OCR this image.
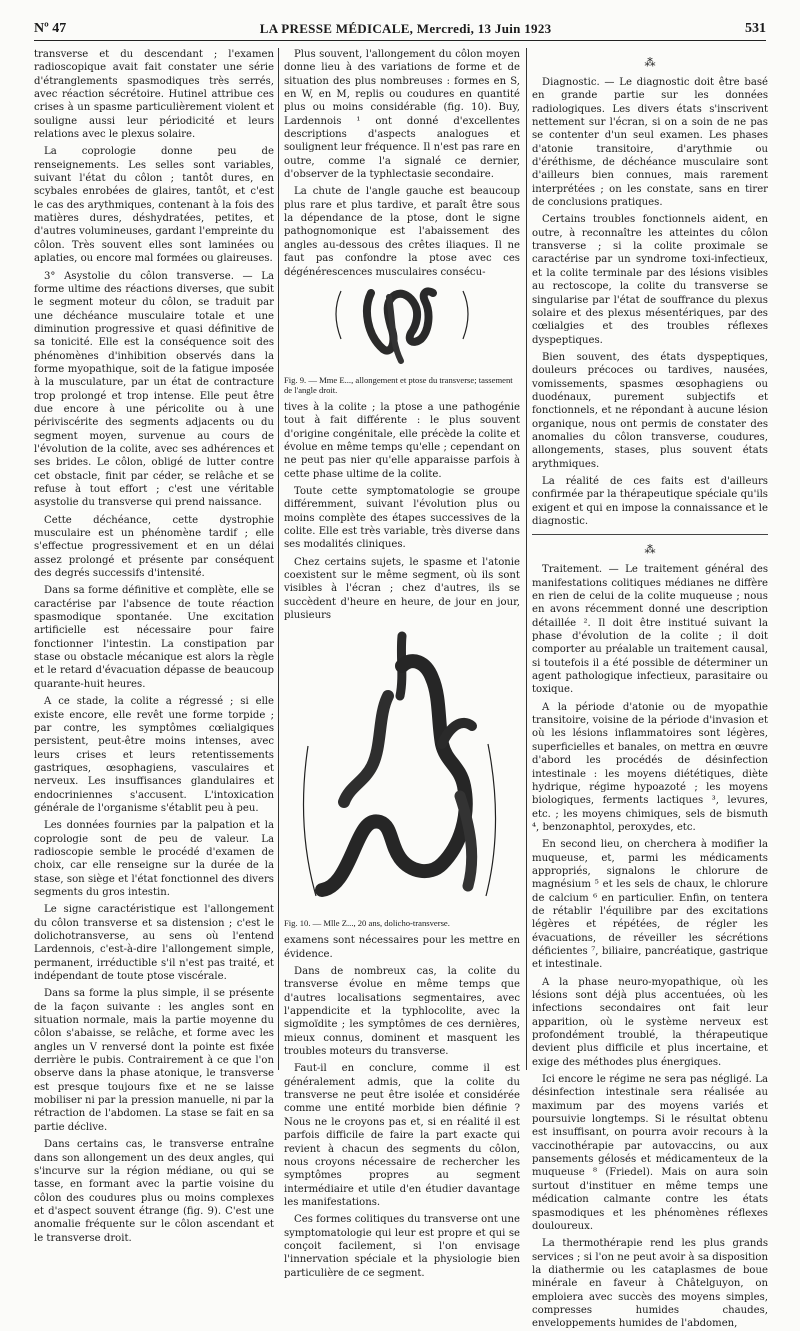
Nº 47	LA PRESSE MÉDICALE, Mercredi, 13 Juin 1923	531

transverse et du descendant ; l'examen radioscopique avait fait constater une série d'étranglements spasmodiques très serrés, avec réaction sécrétoire. Hutinel attribue ces crises à un spasme particulièrement violent et souligne aussi leur périodicité et leurs relations avec le plexus solaire.

La coprologie donne peu de renseignements. Les selles sont variables, suivant l'état du côlon ; tantôt dures, en scybales enrobées de glaires, tantôt, et c'est le cas des arythmiques, contenant à la fois des matières dures, déshydratées, petites, et d'autres volumineuses, gardant l'empreinte du côlon. Très souvent elles sont laminées ou aplaties, ou encore mal formées ou glaireuses.

3° Asystolie du côlon transverse. — La forme ultime des réactions diverses, que subit le segment moteur du côlon, se traduit par une déchéance musculaire totale et une diminution progressive et quasi définitive de sa tonicité. Elle est la conséquence soit des phénomènes d'inhibition observés dans la forme myopathique, soit de la fatigue imposée à la musculature, par un état de contracture trop prolongé et trop intense. Elle peut être due encore à une péricolite ou à une périviscérite des segments adjacents ou du segment moyen, survenue au cours de l'évolution de la colite, avec ses adhérences et ses brides. Le côlon, obligé de lutter contre cet obstacle, finit par céder, se relâche et se refuse à tout effort ; c'est une véritable asystolie du transverse qui prend naissance.

Cette déchéance, cette dystrophie musculaire est un phénomène tardif ; elle s'effectue progressivement et en un délai assez prolongé et présente par conséquent des degrés successifs d'intensité.

Dans sa forme définitive et complète, elle se caractérise par l'absence de toute réaction spasmodique spontanée. Une excitation artificielle est nécessaire pour faire fonctionner l'intestin. La constipation par stase ou obstacle mécanique est alors la règle et le retard d'évacuation dépasse de beaucoup quarante-huit heures.

A ce stade, la colite a régressé ; si elle existe encore, elle revêt une forme torpide ; par contre, les symptômes cœlialgiques persistent, peut-être moins intenses, avec leurs crises et leurs retentissements gastriques, œsophagiens, vasculaires et nerveux. Les insuffisances glandulaires et endocriniennes s'accusent. L'intoxication générale de l'organisme s'établit peu à peu.

Les données fournies par la palpation et la coprologie sont de peu de valeur. La radioscopie semble le procédé d'examen de choix, car elle renseigne sur la durée de la stase, son siège et l'état fonctionnel des divers segments du gros intestin.

Le signe caractéristique est l'allongement du côlon transverse et sa distension ; c'est le dolichotransverse, au sens où l'entend Lardennois, c'est-à-dire l'allongement simple, permanent, irréductible s'il n'est pas traité, et indépendant de toute ptose viscérale.

Dans sa forme la plus simple, il se présente de la façon suivante : les angles sont en situation normale, mais la partie moyenne du côlon s'abaisse, se relâche, et forme avec les angles un V renversé dont la pointe est fixée derrière le pubis. Contrairement à ce que l'on observe dans la phase atonique, le transverse est presque toujours fixe et ne se laisse mobiliser ni par la pression manuelle, ni par la rétraction de l'abdomen. La stase se fait en sa partie déclive.

Dans certains cas, le transverse entraîne dans son allongement un des deux angles, qui s'incurve sur la région médiane, ou qui se tasse, en formant avec la partie voisine du côlon des coudures plus ou moins complexes et d'aspect souvent étrange (fig. 9). C'est une anomalie fréquente sur le côlon ascendant et le transverse droit.

Plus souvent, l'allongement du côlon moyen donne lieu à des variations de forme et de situation des plus nombreuses : formes en S, en W, en M, replis ou coudures en quantité plus ou moins considérable (fig. 10). Buy, Lardennois ¹ ont donné d'excellentes descriptions d'aspects analogues et soulignent leur fréquence. Il n'est pas rare en outre, comme l'a signalé ce dernier, d'observer de la typhlectasie secondaire.

La chute de l'angle gauche est beaucoup plus rare et plus tardive, et paraît être sous la dépendance de la ptose, dont le signe pathognomonique est l'abaissement des angles au-dessous des crêtes iliaques. Il ne faut pas confondre la ptose avec ces dégénérescences musculaires consécu-

Fig. 9. — Mme E..., allongement et ptose du transverse; tassement de l'angle droit.

tives à la colite ; la ptose a une pathogénie tout à fait différente : le plus souvent d'origine congénitale, elle précède la colite et évolue en même temps qu'elle ; cependant on ne peut pas nier qu'elle apparaisse parfois à cette phase ultime de la colite.

Toute cette symptomatologie se groupe différemment, suivant l'évolution plus ou moins complète des étapes successives de la colite. Elle est très variable, très diverse dans ses modalités cliniques.

Chez certains sujets, le spasme et l'atonie coexistent sur le même segment, où ils sont visibles à l'écran ; chez d'autres, ils se succèdent d'heure en heure, de jour en jour, plusieurs

Fig. 10. — Mlle Z..., 20 ans, dolicho-transverse.

examens sont nécessaires pour les mettre en évidence.

Dans de nombreux cas, la colite du transverse évolue en même temps que d'autres localisations segmentaires, avec l'appendicite et la typhlocolite, avec la sigmoïdite ; les symptômes de ces dernières, mieux connus, dominent et masquent les troubles moteurs du transverse.

Faut-il en conclure, comme il est généralement admis, que la colite du transverse ne peut être isolée et considérée comme une entité morbide bien définie ? Nous ne le croyons pas et, si en réalité il est parfois difficile de faire la part exacte qui revient à chacun des segments du côlon, nous croyons nécessaire de rechercher les symptômes propres au segment intermédiaire et utile d'en étudier davantage les manifestations.

Ces formes colitiques du transverse ont une symptomatologie qui leur est propre et qui se conçoit facilement, si l'on envisage l'innervation spéciale et la physiologie bien particulière de ce segment.

⁂

Diagnostic. — Le diagnostic doit être basé en grande partie sur les données radiologiques. Les divers états s'inscrivent nettement sur l'écran, si on a soin de ne pas se contenter d'un seul examen. Les phases d'atonie transitoire, d'arythmie ou d'éréthisme, de déchéance musculaire sont d'ailleurs bien connues, mais rarement interprétées ; on les constate, sans en tirer de conclusions pratiques.

Certains troubles fonctionnels aident, en outre, à reconnaître les atteintes du côlon transverse ; si la colite proximale se caractérise par un syndrome toxi-infectieux, et la colite terminale par des lésions visibles au rectoscope, la colite du transverse se singularise par l'état de souffrance du plexus solaire et des plexus mésentériques, par des cœlialgies et des troubles réflexes dyspeptiques.

Bien souvent, des états dyspeptiques, douleurs précoces ou tardives, nausées, vomissements, spasmes œsophagiens ou duodénaux, purement subjectifs et fonctionnels, et ne répondant à aucune lésion organique, nous ont permis de constater des anomalies du côlon transverse, coudures, allongements, stases, plus souvent états arythmiques.

La réalité de ces faits est d'ailleurs confirmée par la thérapeutique spéciale qu'ils exigent et qui en impose la connaissance et le diagnostic.

⁂

Traitement. — Le traitement général des manifestations colitiques médianes ne diffère en rien de celui de la colite muqueuse ; nous en avons récemment donné une description détaillée ². Il doit être institué suivant la phase d'évolution de la colite ; il doit comporter au préalable un traitement causal, si toutefois il a été possible de déterminer un agent pathologique infectieux, parasitaire ou toxique.

A la période d'atonie ou de myopathie transitoire, voisine de la période d'invasion et où les lésions inflammatoires sont légères, superficielles et banales, on mettra en œuvre d'abord les procédés de désinfection intestinale : les moyens diététiques, diète hydrique, régime hypoazoté ; les moyens biologiques, ferments lactiques ³, levures, etc. ; les moyens chimiques, sels de bismuth ⁴, benzonaphtol, peroxydes, etc.

En second lieu, on cherchera à modifier la muqueuse, et, parmi les médicaments appropriés, signalons le chlorure de magnésium ⁵ et les sels de chaux, le chlorure de calcium ⁶ en particulier. Enfin, on tentera de rétablir l'équilibre par des excitations légères et répétées, de régler les évacuations, de réveiller les sécrétions déficientes ⁷, biliaire, pancréatique, gastrique et intestinale.

A la phase neuro-myopathique, où les lésions sont déjà plus accentuées, où les infections secondaires ont fait leur apparition, où le système nerveux est profondément troublé, la thérapeutique devient plus difficile et plus incertaine, et exige des méthodes plus énergiques.

Ici encore le régime ne sera pas négligé. La désinfection intestinale sera réalisée au maximum par des moyens variés et poursuivie longtemps. Si le résultat obtenu est insuffisant, on pourra avoir recours à la vaccinothérapie par autovaccins, ou aux pansements gélosés et médicamenteux de la muqueuse ⁸ (Friedel). Mais on aura soin surtout d'instituer en même temps une médication calmante contre les états spasmodiques et les phénomènes réflexes douloureux.

La thermothérapie rend les plus grands services ; si l'on ne peut avoir à sa disposition la diathermie ou les cataplasmes de boue minérale en faveur à Châtelguyon, on emploiera avec succès des moyens simples, compresses humides chaudes, enveloppements humides de l'abdomen,
